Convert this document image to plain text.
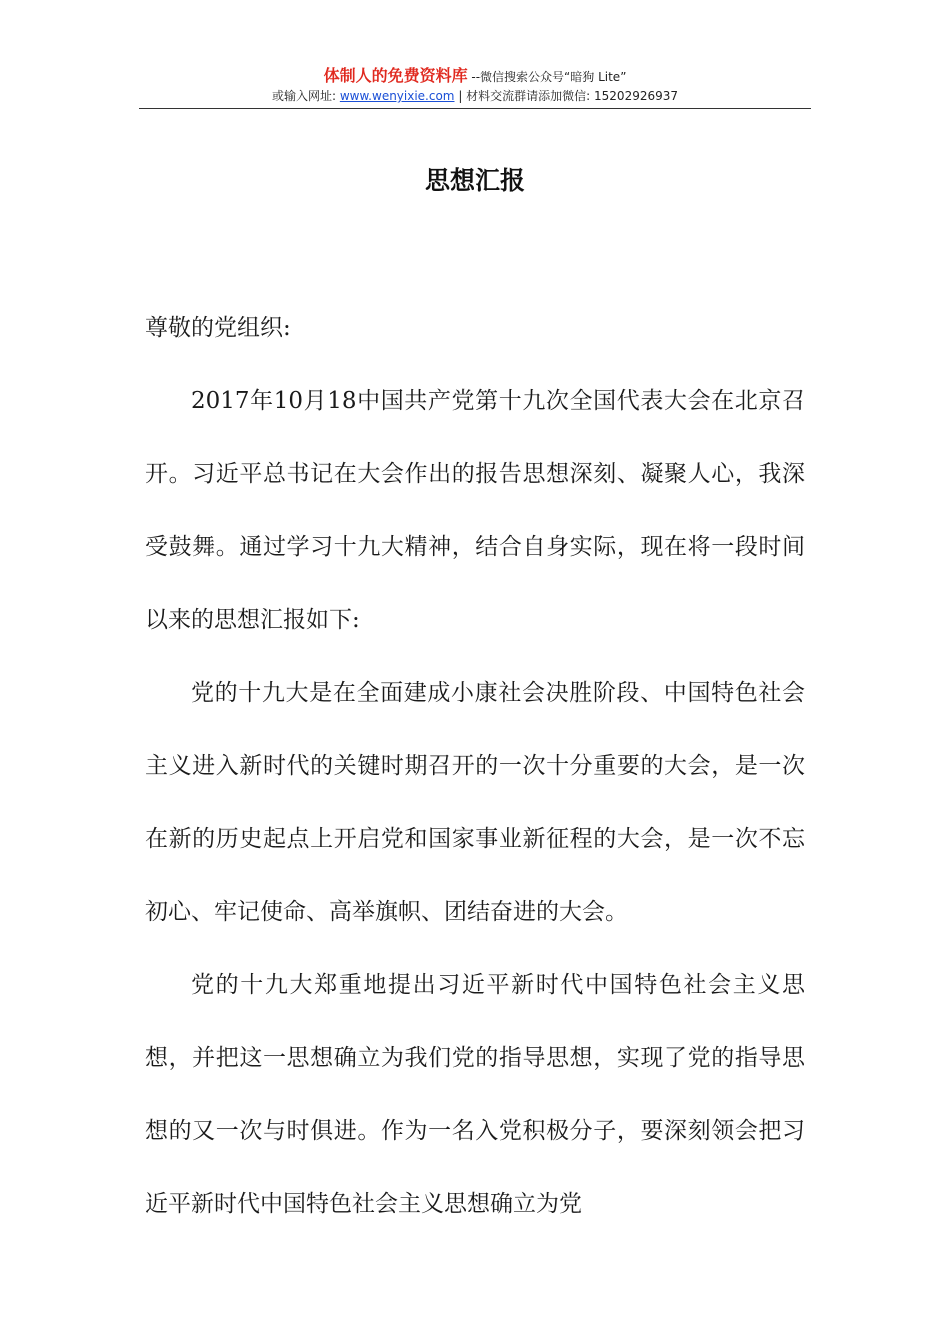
体制人的免费资料库 --微信搜索公众号“暗狗 Lite”
或输入网址: www.wenyixie.com | 材料交流群请添加微信: 15202926937
思想汇报

尊敬的党组织:

2017年10月18中国共产党第十九次全国代表大会在北京召开。习近平总书记在大会作出的报告思想深刻、凝聚人心，我深受鼓舞。通过学习十九大精神，结合自身实际，现在将一段时间以来的思想汇报如下:

党的十九大是在全面建成小康社会决胜阶段、中国特色社会主义进入新时代的关键时期召开的一次十分重要的大会，是一次在新的历史起点上开启党和国家事业新征程的大会，是一次不忘初心、牢记使命、高举旗帜、团结奋进的大会。

党的十九大郑重地提出习近平新时代中国特色社会主义思想，并把这一思想确立为我们党的指导思想，实现了党的指导思想的又一次与时俱进。作为一名入党积极分子，要深刻领会把习近平新时代中国特色社会主义思想确立为党
